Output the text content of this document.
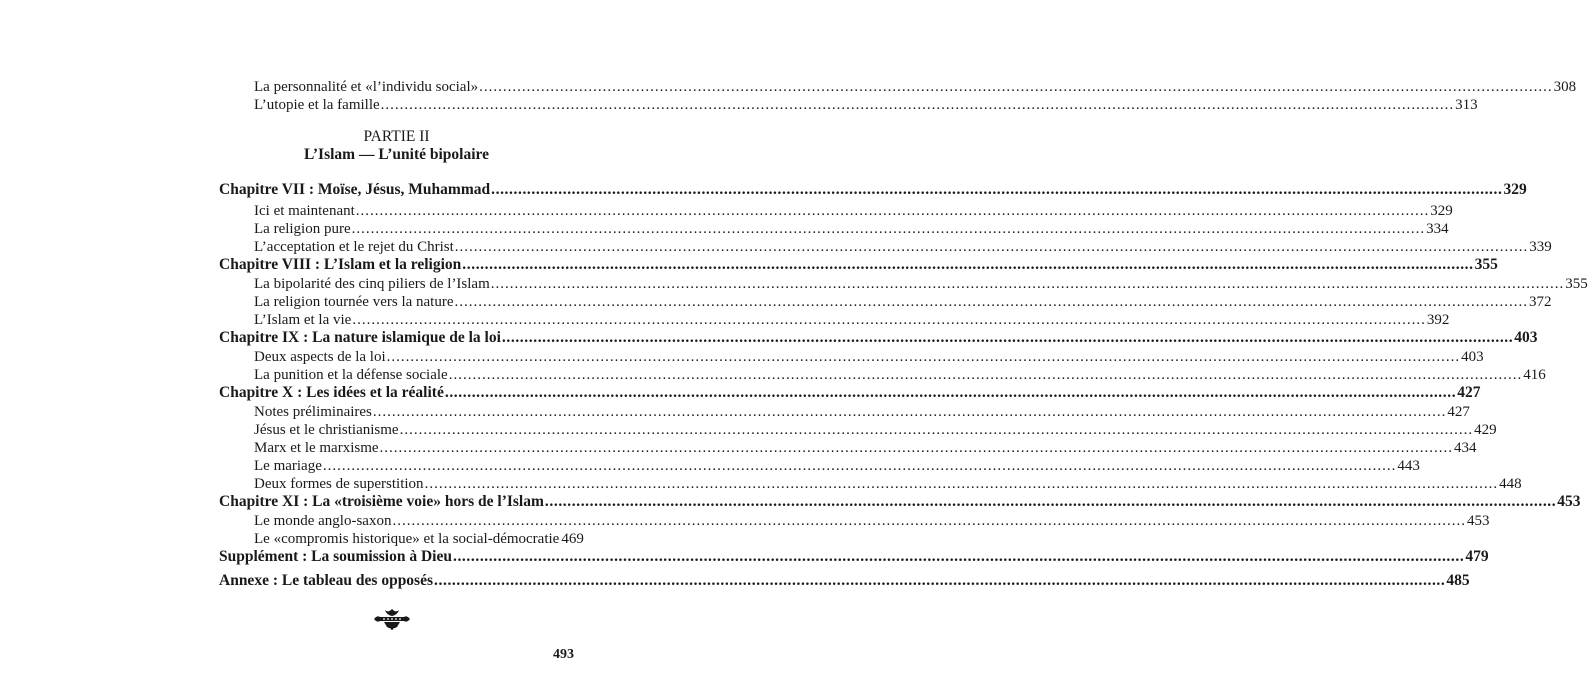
La personnalité et «l’individu social» .....	308
L’utopie et la famille .....	313
PARTIE II
L’Islam — L’unité bipolaire
Chapitre VII : Moïse, Jésus, Muhammad .....	329
Ici et maintenant .....	329
La religion pure .....	334
L’acceptation et le rejet du Christ .....	339
Chapitre VIII : L’Islam et la religion .....	355
La bipolarité des cinq piliers de l’Islam .....	355
La religion tournée vers la nature .....	372
L’Islam et la vie .....	392
Chapitre IX : La nature islamique de la loi .....	403
Deux aspects de la loi .....	403
La punition et la défense sociale .....	416
Chapitre X : Les idées et la réalité .....	427
Notes préliminaires .....	427
Jésus et le christianisme .....	429
Marx et le marxisme .....	434
Le mariage .....	443
Deux formes de superstition .....	448
Chapitre XI : La «troisième voie» hors de l’Islam .....	453
Le monde anglo-saxon .....	453
Le «compromis historique» et la social-démocratie 469
Supplément : La soumission à Dieu .....	479
Annexe : Le tableau des opposés .....	485
493
